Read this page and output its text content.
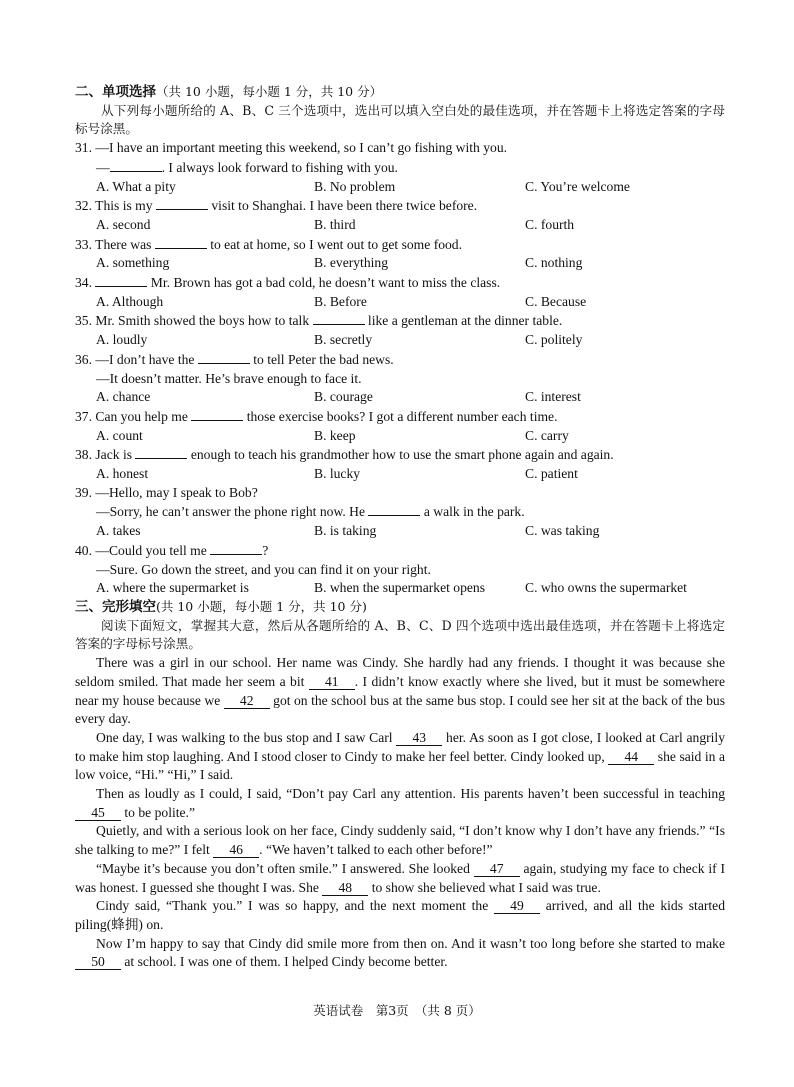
二、单项选择（共 10 小题，每小题 1 分，共 10 分）
从下列每小题所给的 A、B、C 三个选项中，选出可以填入空白处的最佳选项，并在答题卡上将选定答案的字母标号涂黑。
31. —I have an important meeting this weekend, so I can’t go fishing with you.
—	. I always look forward to fishing with you.
A. What a pity	B. No problem	C. You’re welcome
32. This is my	visit to Shanghai. I have been there twice before.
A. second	B. third	C. fourth
33. There was	to eat at home, so I went out to get some food.
A. something	B. everything	C. nothing
34.	Mr. Brown has got a bad cold, he doesn’t want to miss the class.
A. Although	B. Before	C. Because
35. Mr. Smith showed the boys how to talk	like a gentleman at the dinner table.
A. loudly	B. secretly	C. politely
36. —I don’t have the	to tell Peter the bad news.
—It doesn’t matter. He’s brave enough to face it.
A. chance	B. courage	C. interest
37. Can you help me	those exercise books? I got a different number each time.
A. count	B. keep	C. carry
38. Jack is	enough to teach his grandmother how to use the smart phone again and again.
A. honest	B. lucky	C. patient
39. —Hello, may I speak to Bob?
—Sorry, he can’t answer the phone right now. He	a walk in the park.
A. takes	B. is taking	C. was taking
40. —Could you tell me	?
—Sure. Go down the street, and you can find it on your right.
A. where the supermarket is	B. when the supermarket opens	C. who owns the supermarket
三、完形填空(共 10 小题，每小题 1 分，共 10 分)
阅读下面短文，掌握其大意，然后从各题所给的 A、B、C、D 四个选项中选出最佳选项，并在答题卡上将选定答案的字母标号涂黑。
There was a girl in our school. Her name was Cindy. She hardly had any friends. I thought it was because she seldom smiled. That made her seem a bit 41 . I didn’t know exactly where she lived, but it must be somewhere near my house because we 42 got on the school bus at the same bus stop. I could see her sit at the back of the bus every day.
One day, I was walking to the bus stop and I saw Carl 43 her. As soon as I got close, I looked at Carl angrily to make him stop laughing. And I stood closer to Cindy to make her feel better. Cindy looked up, 44 she said in a low voice, “Hi.” “Hi,” I said.
Then as loudly as I could, I said, “Don’t pay Carl any attention. His parents haven’t been successful in teaching 45 to be polite.”
Quietly, and with a serious look on her face, Cindy suddenly said, “I don’t know why I don’t have any friends.” “Is she talking to me?” I felt 46 . “We haven’t talked to each other before!”
“Maybe it’s because you don’t often smile.” I answered. She looked 47 again, studying my face to check if I was honest. I guessed she thought I was. She 48 to show she believed what I said was true.
Cindy said, “Thank you.” I was so happy, and the next moment the 49 arrived, and all the kids started piling(蜂拥) on.
Now I’m happy to say that Cindy did smile more from then on. And it wasn’t too long before she started to make 50 at school. I was one of them. I helped Cindy become better.
英语试卷　第3页　（共 8 页）
